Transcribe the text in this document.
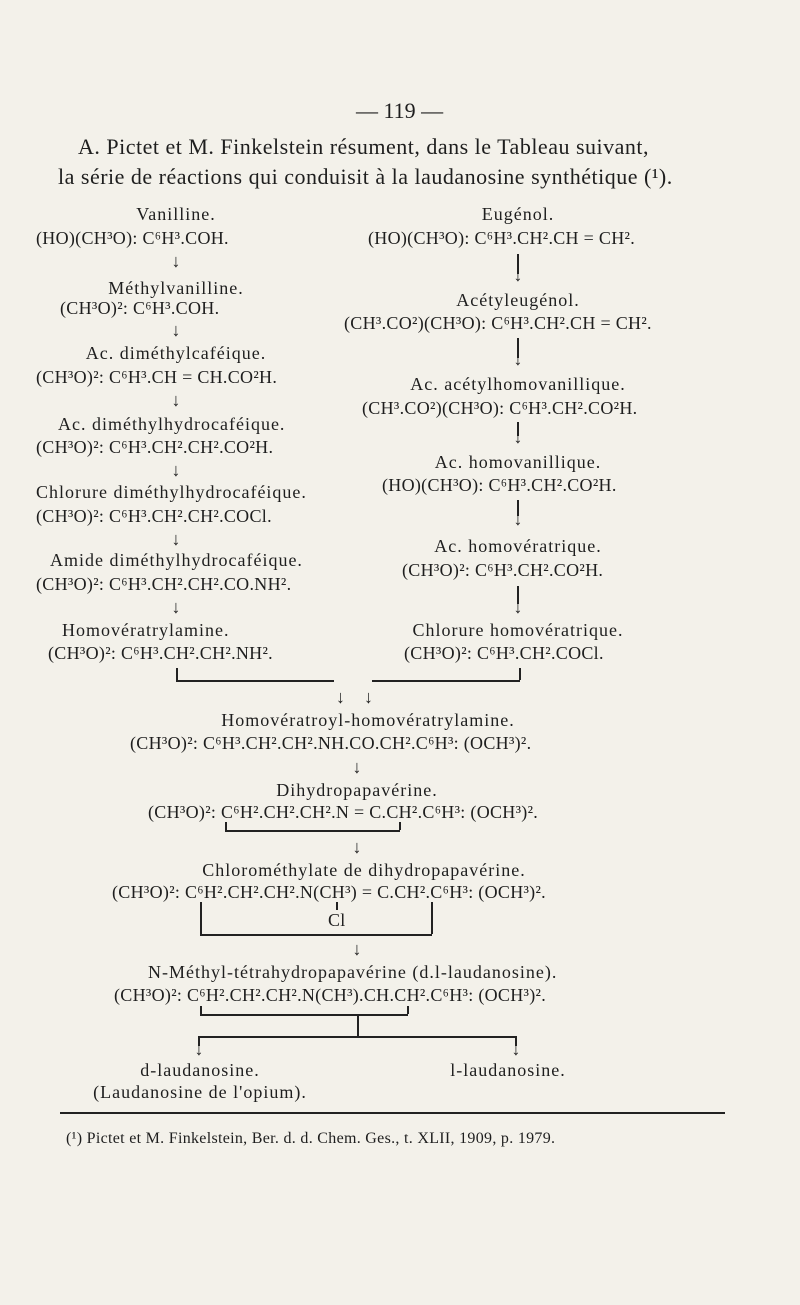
— 119 —
A. Pictet et M. Finkelstein résument, dans le Tableau suivant,
la série de réactions qui conduisit à la laudanosine synthétique (¹).
Vanilline.
(HO)(CH³O): C⁶H³.COH.
↓
Méthylvanilline.
(CH³O)²: C⁶H³.COH.
↓
Ac. diméthylcaféique.
(CH³O)²: C⁶H³.CH = CH.CO²H.
↓
Ac. diméthylhydrocaféique.
(CH³O)²: C⁶H³.CH².CH².CO²H.
↓
Chlorure diméthylhydrocaféique.
(CH³O)²: C⁶H³.CH².CH².COCl.
↓
Amide diméthylhydrocaféique.
(CH³O)²: C⁶H³.CH².CH².CO.NH².
↓
Homovératrylamine.
(CH³O)²: C⁶H³.CH².CH².NH².
Eugénol.
(HO)(CH³O): C⁶H³.CH².CH = CH².
↓
Acétyleugénol.
(CH³.CO²)(CH³O): C⁶H³.CH².CH = CH².
↓
Ac. acétylhomovanillique.
(CH³.CO²)(CH³O): C⁶H³.CH².CO²H.
↓
Ac. homovanillique.
(HO)(CH³O): C⁶H³.CH².CO²H.
↓
Ac. homovératrique.
(CH³O)²: C⁶H³.CH².CO²H.
↓
Chlorure homovératrique.
(CH³O)²: C⁶H³.CH².COCl.
↓ ↓
Homovératroyl-homovératrylamine.
(CH³O)²: C⁶H³.CH².CH².NH.CO.CH².C⁶H³: (OCH³)².
↓
Dihydropapavérine.
(CH³O)²: C⁶H².CH².CH².N = C.CH².C⁶H³: (OCH³)².
↓
Chlorométhylate de dihydropapavérine.
(CH³O)²: C⁶H².CH².CH².N(CH³) = C.CH².C⁶H³: (OCH³)².
Cl
↓
N-Méthyl-tétrahydropapavérine (d.l-laudanosine).
(CH³O)²: C⁶H².CH².CH².N(CH³).CH.CH².C⁶H³: (OCH³)².
↓	↓
d-laudanosine.
(Laudanosine de l'opium).
l-laudanosine.
(¹) Pictet et M. Finkelstein, Ber. d. d. Chem. Ges., t. XLII, 1909, p. 1979.
